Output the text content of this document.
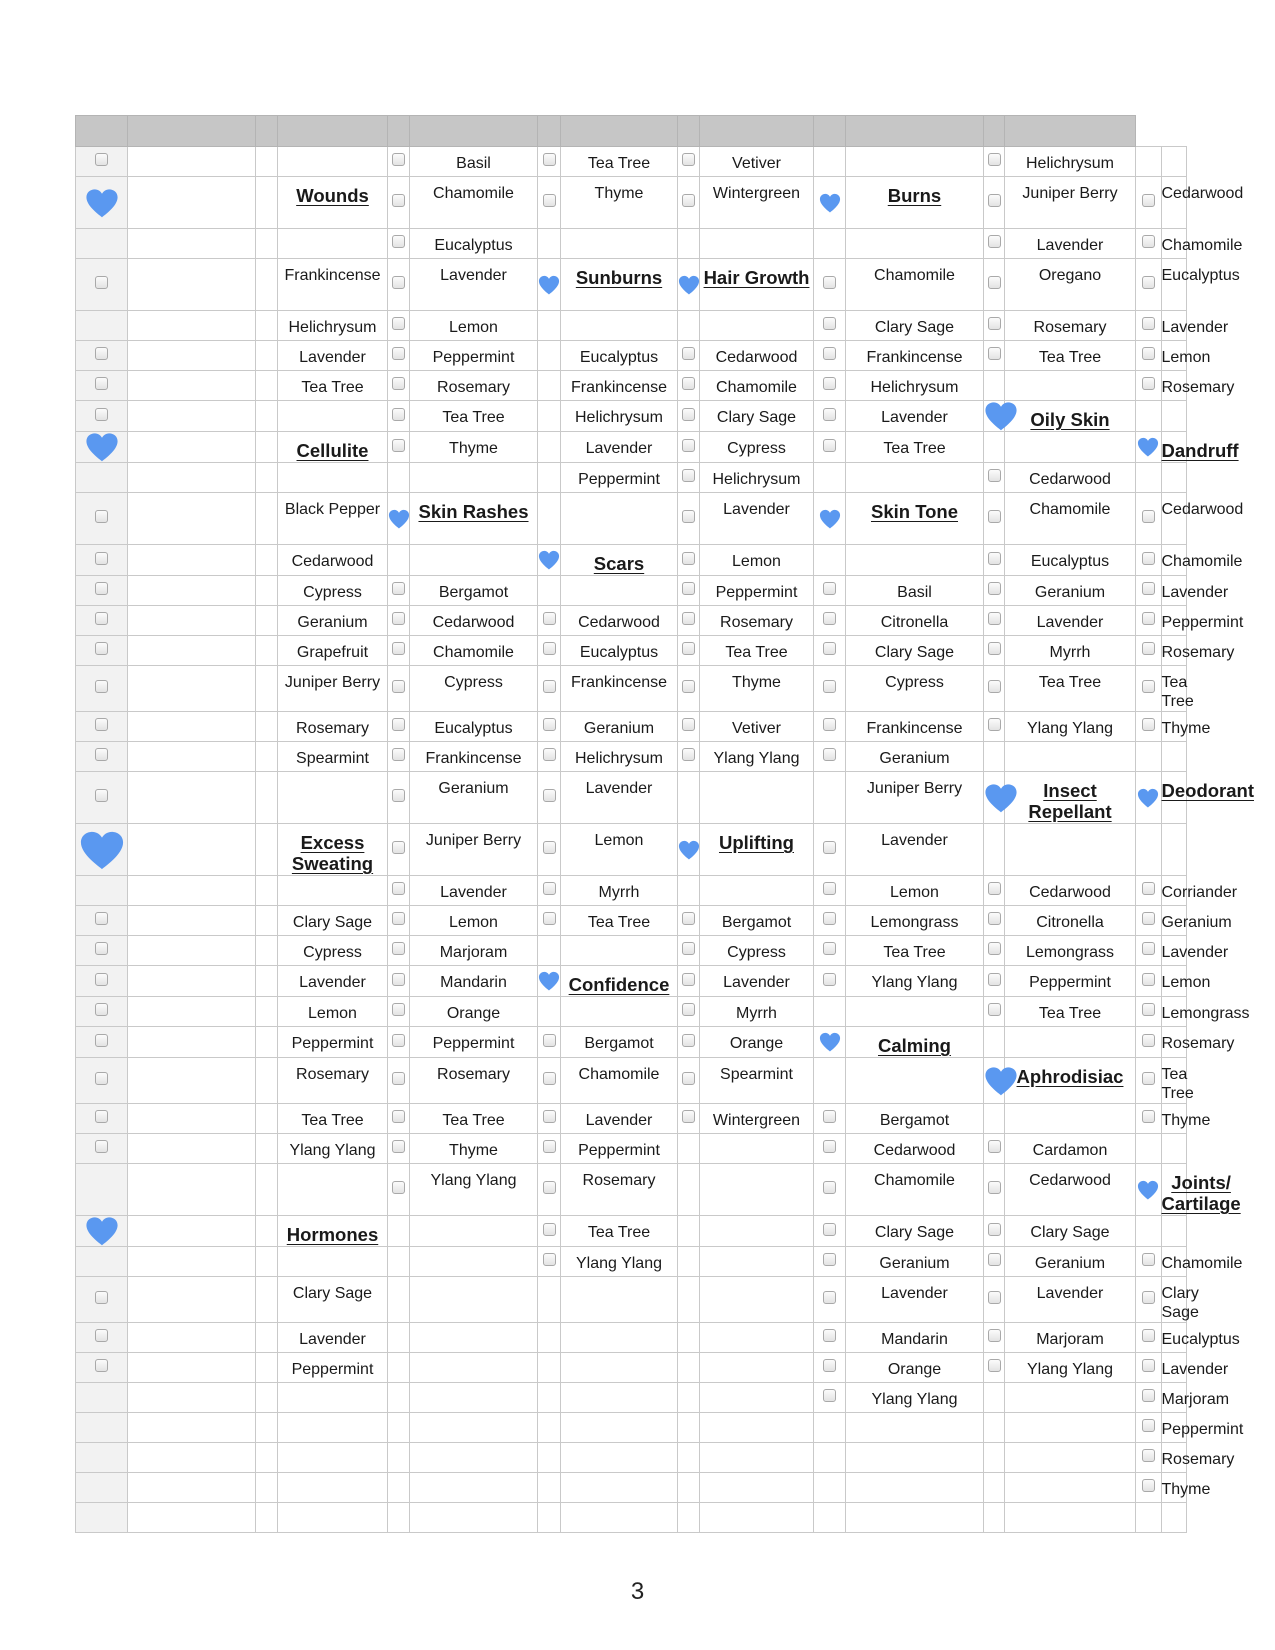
					Basil		Tea Tree		Vetiver				Helichrysum		

			Wounds		Chamomile		Thyme		Wintergreen		Burns		Juniper Berry		Cedarwood
					Eucalyptus								Lavender		Chamomile
			Frankincense		Lavender		Sunburns		Hair Growth		Chamomile		Oregano		Eucalyptus
			Helichrysum		Lemon						Clary Sage		Rosemary		Lavender
			Lavender		Peppermint		Eucalyptus		Cedarwood		Frankincense		Tea Tree		Lemon
			Tea Tree		Rosemary		Frankincense		Chamomile		Helichrysum				Rosemary
					Tea Tree		Helichrysum		Clary Sage		Lavender		Oily Skin		

			Cellulite		Thyme		Lavender		Cypress		Tea Tree				Dandruff
							Peppermint		Helichrysum				Cedarwood		
			Black Pepper		Skin Rashes				Lavender		Skin Tone		Chamomile		Cedarwood
			Cedarwood				Scars		Lemon				Eucalyptus		Chamomile
			Cypress		Bergamot				Peppermint		Basil		Geranium		Lavender
			Geranium		Cedarwood		Cedarwood		Rosemary		Citronella		Lavender		Peppermint
			Grapefruit		Chamomile		Eucalyptus		Tea Tree		Clary Sage		Myrrh		Rosemary
			Juniper Berry		Cypress		Frankincense		Thyme		Cypress		Tea Tree		Tea Tree
			Rosemary		Eucalyptus		Geranium		Vetiver		Frankincense		Ylang Ylang		Thyme
			Spearmint		Frankincense		Helichrysum		Ylang Ylang		Geranium				
					Geranium		Lavender				Juniper Berry		Insect Repellant		Deodorant

			Excess Sweating		Juniper Berry		Lemon		Uplifting		Lavender				
					Lavender		Myrrh				Lemon		Cedarwood		Corriander
			Clary Sage		Lemon		Tea Tree		Bergamot		Lemongrass		Citronella		Geranium
			Cypress		Marjoram				Cypress		Tea Tree		Lemongrass		Lavender
			Lavender		Mandarin		Confidence		Lavender		Ylang Ylang		Peppermint		Lemon
			Lemon		Orange				Myrrh				Tea Tree		Lemongrass
			Peppermint		Peppermint		Bergamot		Orange		Calming				Rosemary
			Rosemary		Rosemary		Chamomile		Spearmint				Aphrodisiac		Tea Tree
			Tea Tree		Tea Tree		Lavender		Wintergreen		Bergamot				Thyme
			Ylang Ylang		Thyme		Peppermint				Cedarwood		Cardamon		
					Ylang Ylang		Rosemary				Chamomile		Cedarwood		Joints/ Cartilage

			Hormones				Tea Tree				Clary Sage		Clary Sage		
							Ylang Ylang				Geranium		Geranium		Chamomile
			Clary Sage								Lavender		Lavender		Clary Sage
			Lavender								Mandarin		Marjoram		Eucalyptus
			Peppermint								Orange		Ylang Ylang		Lavender
											Ylang Ylang				Marjoram
															Peppermint
															Rosemary
															Thyme

3
